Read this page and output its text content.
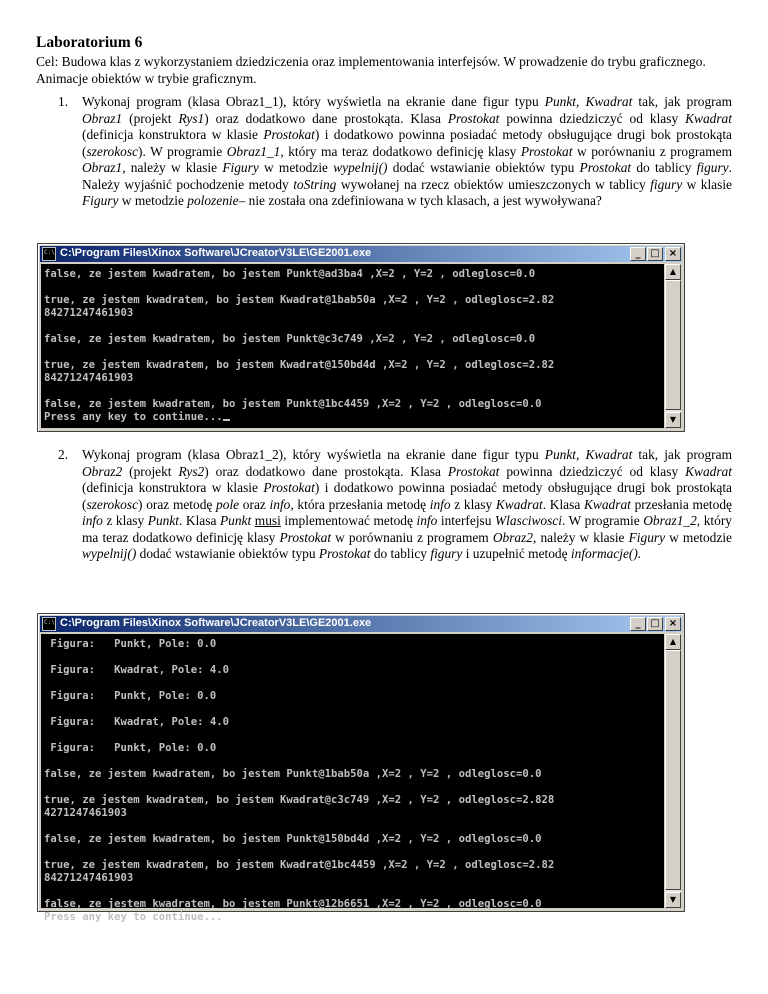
Laboratorium 6

Cel: Budowa klas z wykorzystaniem dziedziczenia oraz implementowania interfejsów. W prowadzenie do trybu graficznego. Animacje obiektów w trybie graficznym.

1. Wykonaj program (klasa Obraz1_1), który wyświetla na ekranie dane figur typu Punkt, Kwadrat tak, jak program Obraz1 (projekt Rys1) oraz dodatkowo dane prostokąta. Klasa Prostokat powinna dziedziczyć od klasy Kwadrat (definicja konstruktora w klasie Prostokat) i dodatkowo powinna posiadać metody obsługujące drugi bok prostokąta (szerokosc). W programie Obraz1_1, który ma teraz dodatkowo definicję klasy Prostokat w porównaniu z programem Obraz1, należy w klasie Figury w metodzie wypelnij() dodać wstawianie obiektów typu Prostokat do tablicy figury. Należy wyjaśnić pochodzenie metody toString wywołanej na rzecz obiektów umieszczonych w tablicy figury w klasie Figury w metodzie polozenie– nie została ona zdefiniowana w tych klasach, a jest wywoływana?

C:\
C:\Program Files\Xinox Software\JCreatorV3LE\GE2001.exe	_ □ ×
false, ze jestem kwadratem, bo jestem Punkt@ad3ba4 ,X=2 , Y=2 , odleglosc=0.0
true, ze jestem kwadratem, bo jestem Kwadrat@1bab50a ,X=2 , Y=2 , odleglosc=2.82
84271247461903
false, ze jestem kwadratem, bo jestem Punkt@c3c749 ,X=2 , Y=2 , odleglosc=0.0
true, ze jestem kwadratem, bo jestem Kwadrat@150bd4d ,X=2 , Y=2 , odleglosc=2.82
84271247461903
false, ze jestem kwadratem, bo jestem Punkt@1bc4459 ,X=2 , Y=2 , odleglosc=0.0
Press any key to continue...
▲
▼
2. Wykonaj program (klasa Obraz1_2), który wyświetla na ekranie dane figur typu Punkt, Kwadrat tak, jak program Obraz2 (projekt Rys2) oraz dodatkowo dane prostokąta. Klasa Prostokat powinna dziedziczyć od klasy Kwadrat (definicja konstruktora w klasie Prostokat) i dodatkowo powinna posiadać metody obsługujące drugi bok prostokąta (szerokosc) oraz metodę pole oraz info, która przesłania metodę info z klasy Kwadrat. Klasa Kwadrat przesłania metodę info z klasy Punkt. Klasa Punkt musi implementować metodę info interfejsu Wlasciwosci. W programie Obraz1_2, który ma teraz dodatkowo definicję klasy Prostokat w porównaniu z programem Obraz2, należy w klasie Figury w metodzie wypelnij() dodać wstawianie obiektów typu Prostokat do tablicy figury i uzupełnić metodę informacje().

C:\
C:\Program Files\Xinox Software\JCreatorV3LE\GE2001.exe	_ □ ×
Figura:   Punkt, Pole: 0.0
Figura:   Kwadrat, Pole: 4.0
Figura:   Punkt, Pole: 0.0
Figura:   Kwadrat, Pole: 4.0
Figura:   Punkt, Pole: 0.0
false, ze jestem kwadratem, bo jestem Punkt@1bab50a ,X=2 , Y=2 , odleglosc=0.0
true, ze jestem kwadratem, bo jestem Kwadrat@c3c749 ,X=2 , Y=2 , odleglosc=2.828
4271247461903
false, ze jestem kwadratem, bo jestem Punkt@150bd4d ,X=2 , Y=2 , odleglosc=0.0
true, ze jestem kwadratem, bo jestem Kwadrat@1bc4459 ,X=2 , Y=2 , odleglosc=2.82
84271247461903
false, ze jestem kwadratem, bo jestem Punkt@12b6651 ,X=2 , Y=2 , odleglosc=0.0
Press any key to continue...
▲
▼
